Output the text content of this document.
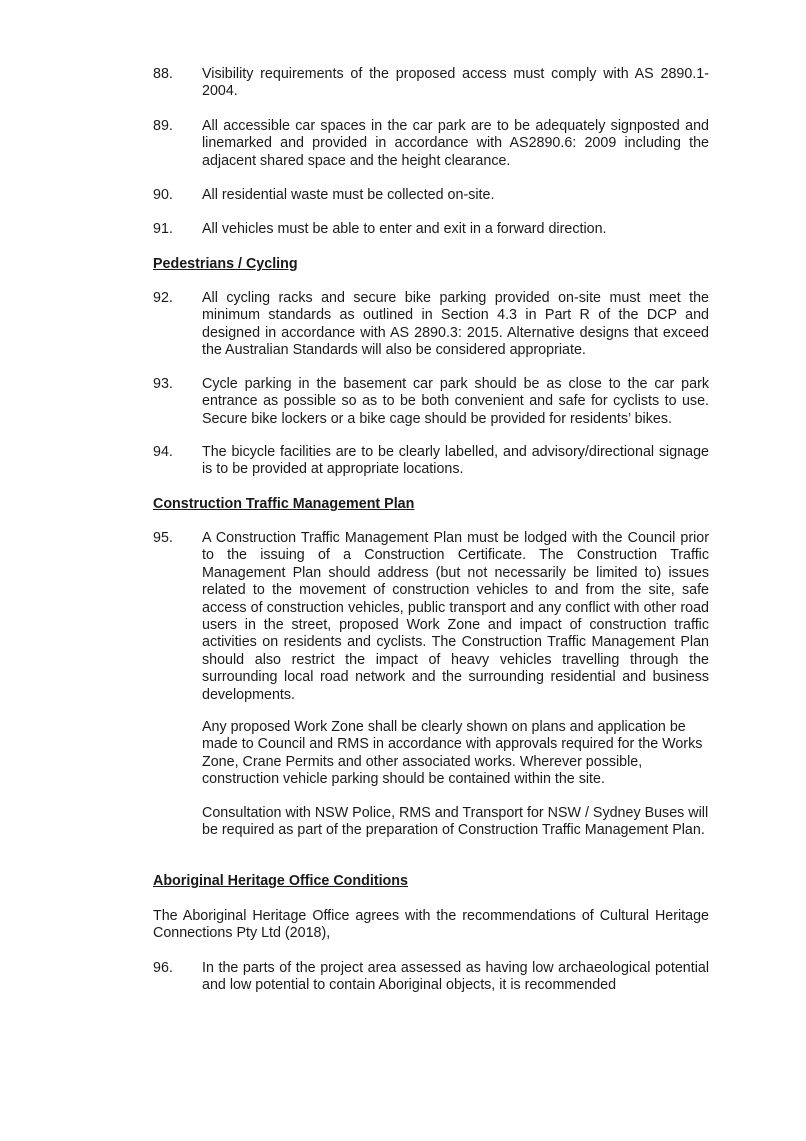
88.	Visibility requirements of the proposed access must comply with AS 2890.1-2004.
89.	All accessible car spaces in the car park are to be adequately signposted and linemarked and provided in accordance with AS2890.6: 2009 including the adjacent shared space and the height clearance.
90.	All residential waste must be collected on-site.
91.	All vehicles must be able to enter and exit in a forward direction.
Pedestrians / Cycling
92.	All cycling racks and secure bike parking provided on-site must meet the minimum standards as outlined in Section 4.3 in Part R of the DCP and designed in accordance with AS 2890.3: 2015. Alternative designs that exceed the Australian Standards will also be considered appropriate.
93.	Cycle parking in the basement car park should be as close to the car park entrance as possible so as to be both convenient and safe for cyclists to use. Secure bike lockers or a bike cage should be provided for residents’ bikes.
94.	The bicycle facilities are to be clearly labelled, and advisory/directional signage is to be provided at appropriate locations.
Construction Traffic Management Plan
95.	A Construction Traffic Management Plan must be lodged with the Council prior to the issuing of a Construction Certificate. The Construction Traffic Management Plan should address (but not necessarily be limited to) issues related to the movement of construction vehicles to and from the site, safe access of construction vehicles, public transport and any conflict with other road users in the street, proposed Work Zone and impact of construction traffic activities on residents and cyclists. The Construction Traffic Management Plan should also restrict the impact of heavy vehicles travelling through the surrounding local road network and the surrounding residential and business developments.
Any proposed Work Zone shall be clearly shown on plans and application be made to Council and RMS in accordance with approvals required for the Works Zone, Crane Permits and other associated works. Wherever possible, construction vehicle parking should be contained within the site.
Consultation with NSW Police, RMS and Transport for NSW / Sydney Buses will be required as part of the preparation of Construction Traffic Management Plan.
Aboriginal Heritage Office Conditions
The Aboriginal Heritage Office agrees with the recommendations of Cultural Heritage Connections Pty Ltd (2018),
96.	In the parts of the project area assessed as having low archaeological potential and low potential to contain Aboriginal objects, it is recommended
